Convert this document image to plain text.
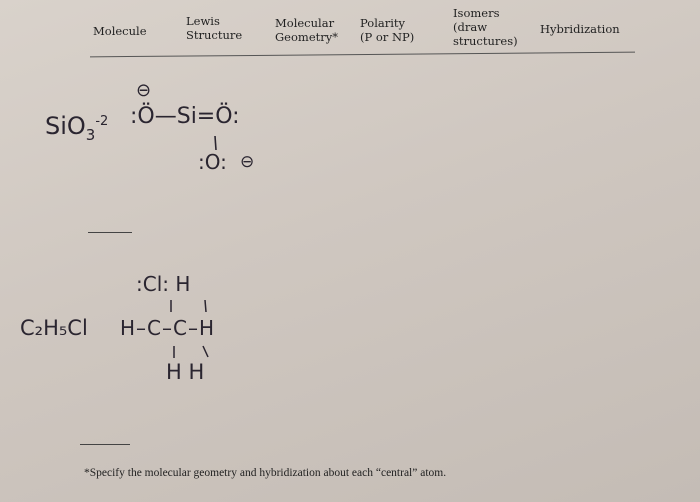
Molecule
Lewis
Structure
Molecular
Geometry*
Polarity
(P or NP)
Isomers
(draw
structures)
Hybridization
SiO$_3^{-2}$
⊖
:Ö—Si=Ö:
:O: ⊖
:Cl: H
C₂H₅Cl H–C–C–H
H H
*Specify the molecular geometry and hybridization about each “central” atom.
